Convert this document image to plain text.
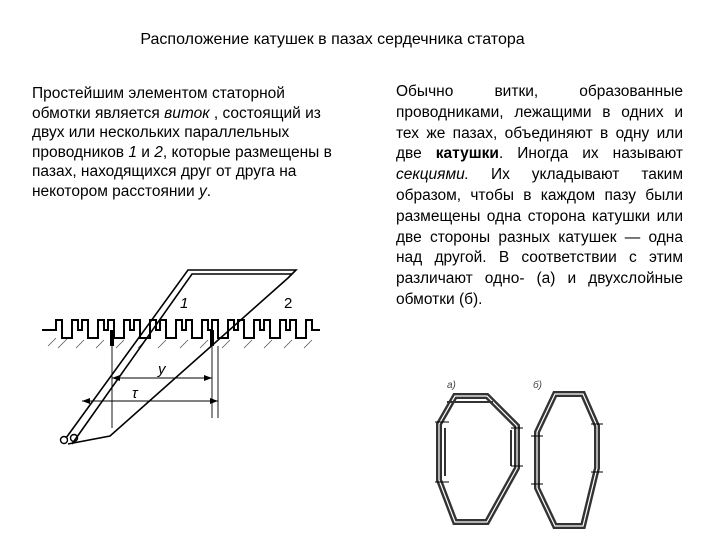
Расположение катушек в пазах сердечника статора
Простейшим элементом статорной обмотки является виток , состоящий из двух или нескольких параллельных проводников 1 и 2, которые размещены в пазах, находящихся друг от друга на некотором расстоянии у.
Обычно витки, образованные проводниками, лежащими в одних и тех же пазах, объединяют в одну или две катушки. Иногда их называют секциями. Их укладывают таким образом, чтобы в каждом пазу были размещены одна сторона катушки или две стороны разных катушек — одна над другой. В соответствии с этим различают одно- (а) и двухслойные обмотки (б).
1	2
у
τ	а)	б)
